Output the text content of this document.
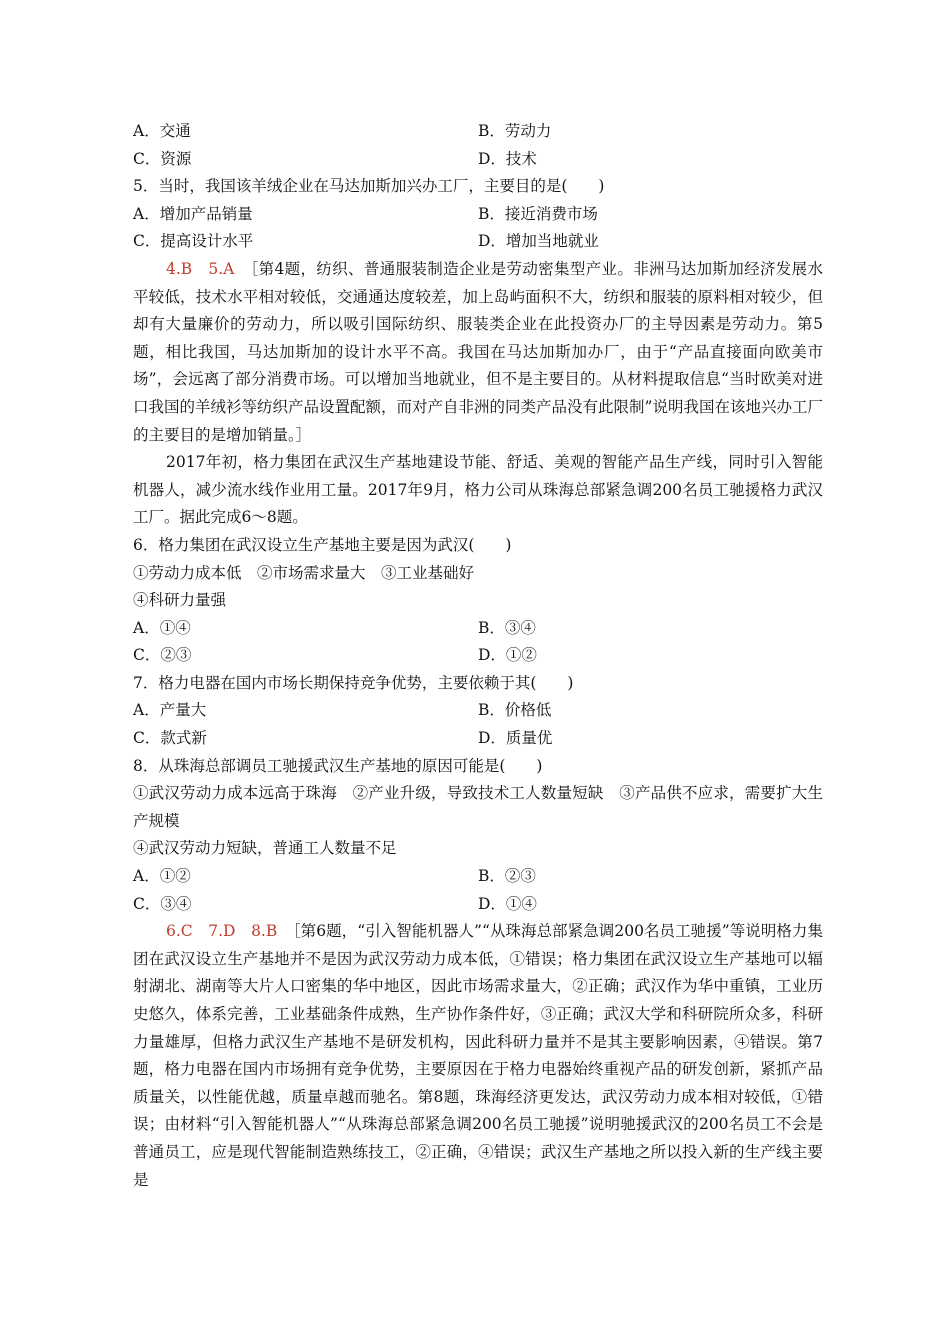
A．交通	B．劳动力
C．资源	D．技术

5．当时，我国该羊绒企业在马达加斯加兴办工厂，主要目的是(　　)

A．增加产品销量	B．接近消费市场
C．提高设计水平	D．增加当地就业

4.B　5.A　 ［第4题，纺织、普通服装制造企业是劳动密集型产业。非洲马达加斯加经济发展水平较低，技术水平相对较低，交通通达度较差，加上岛屿面积不大，纺织和服装的原料相对较少，但却有大量廉价的劳动力，所以吸引国际纺织、服装类企业在此投资办厂的主导因素是劳动力。第5题，相比我国，马达加斯加的设计水平不高。我国在马达加斯加办厂，由于“产品直接面向欧美市场”，会远离了部分消费市场。可以增加当地就业，但不是主要目的。从材料提取信息“当时欧美对进口我国的羊绒衫等纺织产品设置配额，而对产自非洲的同类产品没有此限制”说明我国在该地兴办工厂的主要目的是增加销量。］

2017年初，格力集团在武汉生产基地建设节能、舒适、美观的智能产品生产线，同时引入智能机器人，减少流水线作业用工量。2017年9月，格力公司从珠海总部紧急调200名员工驰援格力武汉工厂。据此完成6～8题。

6．格力集团在武汉设立生产基地主要是因为武汉(　　)

①劳动力成本低　②市场需求量大　③工业基础好

④科研力量强

A．①④	B．③④
C．②③	D．①②

7．格力电器在国内市场长期保持竞争优势，主要依赖于其(　　)

A．产量大	B．价格低
C．款式新	D．质量优

8．从珠海总部调员工驰援武汉生产基地的原因可能是(　　)

①武汉劳动力成本远高于珠海　②产业升级，导致技术工人数量短缺　③产品供不应求，需要扩大生产规模

④武汉劳动力短缺，普通工人数量不足

A．①②	B．②③
C．③④	D．①④

6.C　7.D　8.B　 ［第6题，“引入智能机器人”“从珠海总部紧急调200名员工驰援”等说明格力集团在武汉设立生产基地并不是因为武汉劳动力成本低，①错误；格力集团在武汉设立生产基地可以辐射湖北、湖南等大片人口密集的华中地区，因此市场需求量大，②正确；武汉作为华中重镇，工业历史悠久，体系完善，工业基础条件成熟，生产协作条件好，③正确；武汉大学和科研院所众多，科研力量雄厚，但格力武汉生产基地不是研发机构，因此科研力量并不是其主要影响因素，④错误。第7题，格力电器在国内市场拥有竞争优势，主要原因在于格力电器始终重视产品的研发创新，紧抓产品质量关，以性能优越，质量卓越而驰名。第8题，珠海经济更发达，武汉劳动力成本相对较低，①错误；由材料“引入智能机器人”“从珠海总部紧急调200名员工驰援”说明驰援武汉的200名员工不会是普通员工，应是现代智能制造熟练技工，②正确，④错误；武汉生产基地之所以投入新的生产线主要是
